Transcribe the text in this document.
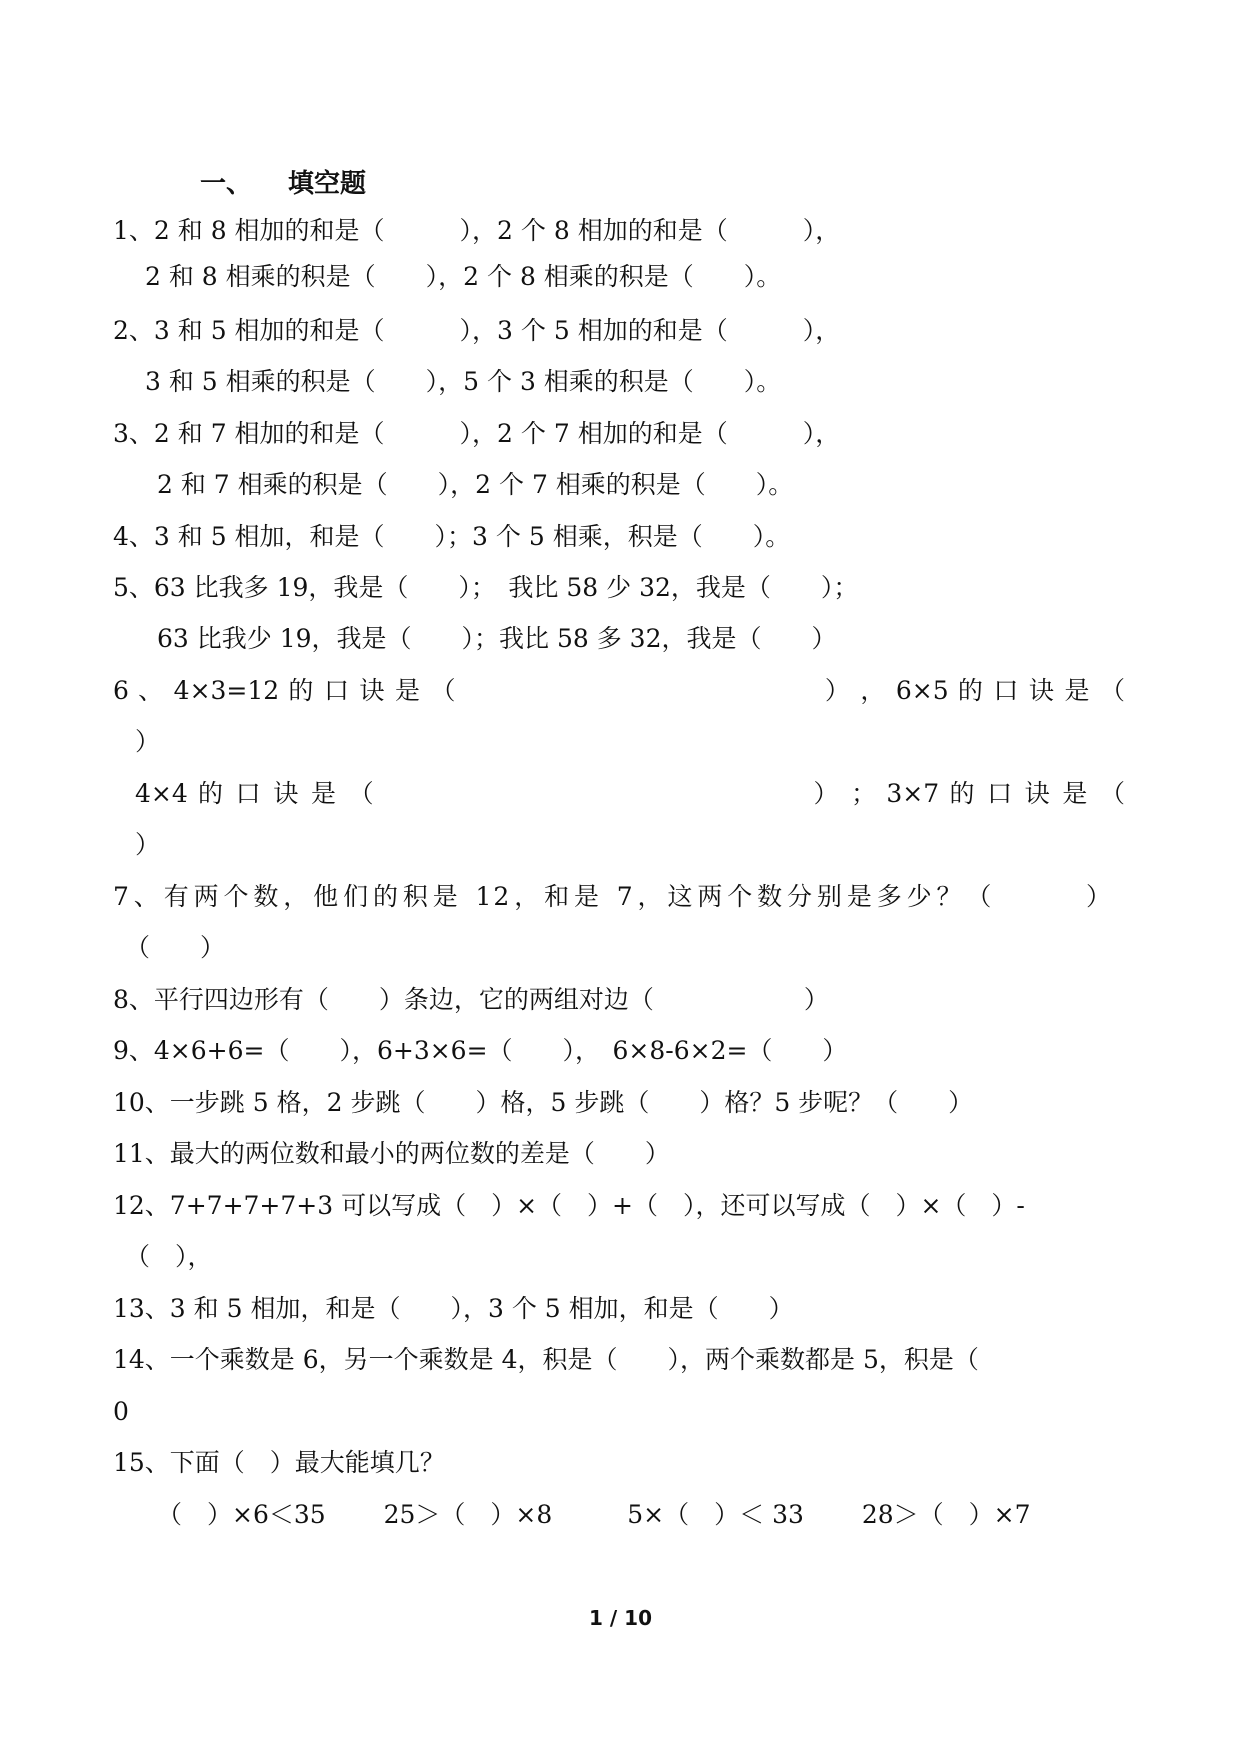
一、 填空题

1、2 和 8 相加的和是（　　　），2 个 8 相加的和是（　　　），

2 和 8 相乘的积是（　　），2 个 8 相乘的积是（　　）。

2、3 和 5 相加的和是（　　　），3 个 5 相加的和是（　　　），

3 和 5 相乘的积是（　　），5 个 3 相乘的积是（　　）。

3、2 和 7 相加的和是（　　　），2 个 7 相加的和是（　　　），

2 和 7 相乘的积是（　　），2 个 7 相乘的积是（　　）。

4、3 和 5 相加，和是（　　）；3 个 5 相乘，积是（　　）。

5、63 比我多 19，我是（　　）；　我比 58 少 32，我是（　　）；

63 比我少 19，我是（　　）；我比 58 多 32，我是（　　）

6 、 4×3=12 的 口 诀 是 （　　　　　　　　　　　　　　） ， 6×5 的 口 诀 是 （

）

4×4 的 口 诀 是 （　　　　　　　　　　　　　　　　） ； 3×7 的 口 诀 是 （

）

7、有两个数，他们的积是 12，和是 7，这两个数分别是多少？（　　　）

（　　）

8、平行四边形有（　　）条边，它的两组对边（　　　　　　）

9、4×6+6=（　　），6+3×6=（　　），　6×8-6×2=（　　）

10、一步跳 5 格，2 步跳（　　）格，5 步跳（　　）格？5 步呢？（　　）

11、最大的两位数和最小的两位数的差是（　　）

12、7+7+7+7+3 可以写成（　）×（　）+（　），还可以写成（　）×（　）-

（　），

13、3 和 5 相加，和是（　　），3 个 5 相加，和是（　　）

14、一个乘数是 6，另一个乘数是 4，积是（　　），两个乘数都是 5，积是（

0

15、下面（　）最大能填几？

（　）×6＜35　　 25＞（　）×8　　　5×（　）＜ 33　　 28＞（　）×7

1 / 10
